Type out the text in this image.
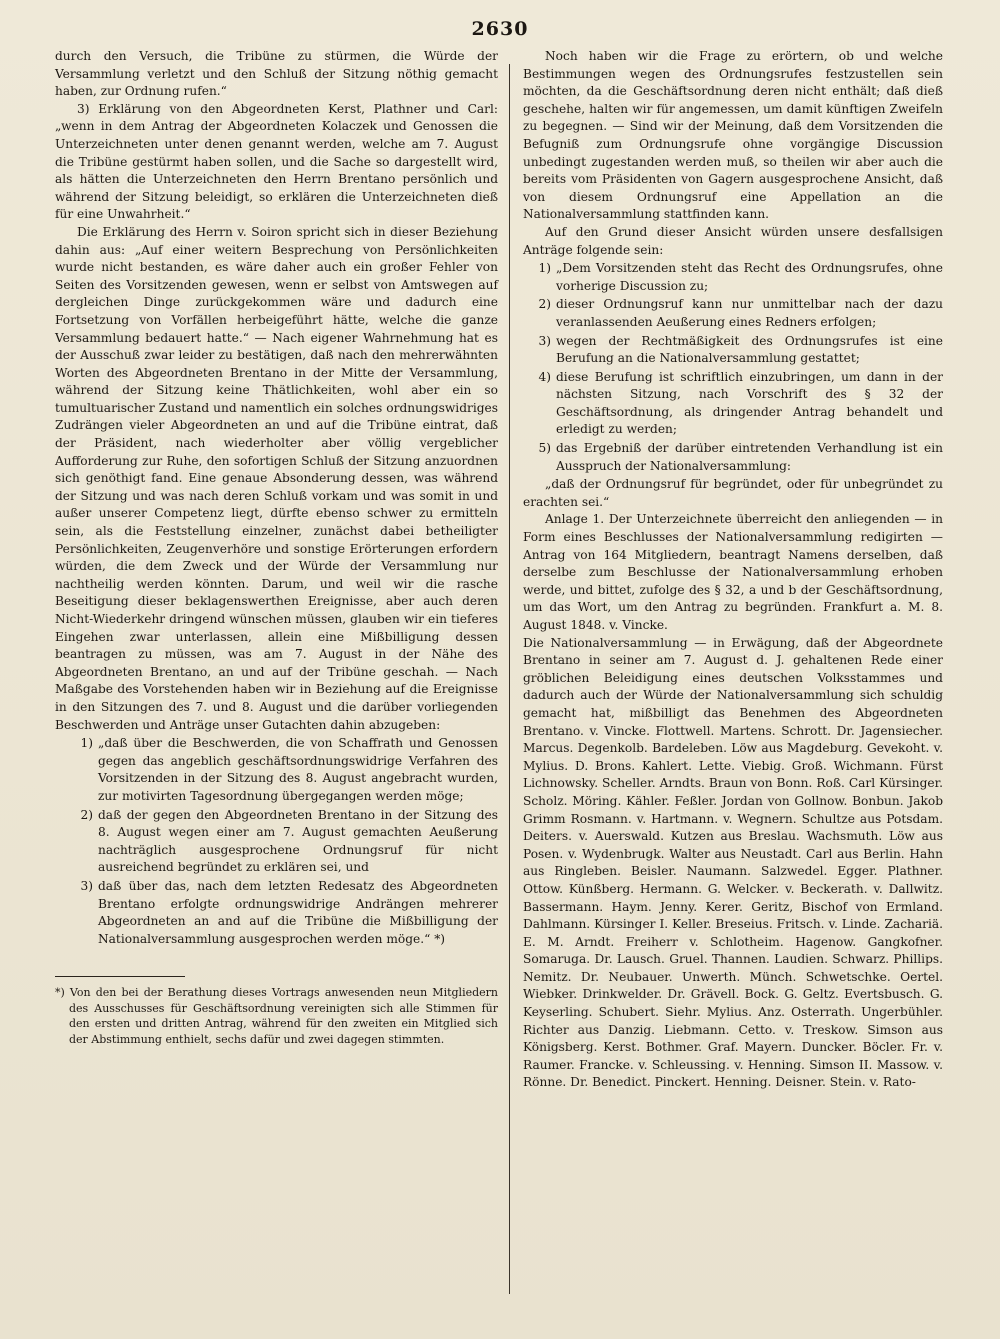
2630

durch den Versuch, die Tribüne zu stürmen, die Würde der Versammlung verletzt und den Schluß der Sitzung nöthig gemacht haben, zur Ordnung rufen.“

3) Erklärung von den Abgeordneten Kerst, Plathner und Carl: „wenn in dem Antrag der Abgeordneten Kolaczek und Genossen die Unterzeichneten unter denen genannt werden, welche am 7. August die Tribüne gestürmt haben sollen, und die Sache so dargestellt wird, als hätten die Unterzeichneten den Herrn Brentano persönlich und während der Sitzung beleidigt, so erklären die Unterzeichneten dieß für eine Unwahrheit.“

Die Erklärung des Herrn v. Soiron spricht sich in dieser Beziehung dahin aus: „Auf einer weitern Besprechung von Persönlichkeiten wurde nicht bestanden, es wäre daher auch ein großer Fehler von Seiten des Vorsitzenden gewesen, wenn er selbst von Amtswegen auf dergleichen Dinge zurückgekommen wäre und dadurch eine Fortsetzung von Vorfällen herbeigeführt hätte, welche die ganze Versammlung bedauert hatte.“ — Nach eigener Wahrnehmung hat es der Ausschuß zwar leider zu bestätigen, daß nach den mehrerwähnten Worten des Abgeordneten Brentano in der Mitte der Versammlung, während der Sitzung keine Thätlichkeiten, wohl aber ein so tumultuarischer Zustand und namentlich ein solches ordnungswidriges Zudrängen vieler Abgeordneten an und auf die Tribüne eintrat, daß der Präsident, nach wiederholter aber völlig vergeblicher Aufforderung zur Ruhe, den sofortigen Schluß der Sitzung anzuordnen sich genöthigt fand. Eine genaue Absonderung dessen, was während der Sitzung und was nach deren Schluß vorkam und was somit in und außer unserer Competenz liegt, dürfte ebenso schwer zu ermitteln sein, als die Feststellung einzelner, zunächst dabei betheiligter Persönlichkeiten, Zeugenverhöre und sonstige Erörterungen erfordern würden, die dem Zweck und der Würde der Versammlung nur nachtheilig werden könnten. Darum, und weil wir die rasche Beseitigung dieser beklagenswerthen Ereignisse, aber auch deren Nicht-Wiederkehr dringend wünschen müssen, glauben wir ein tieferes Eingehen zwar unterlassen, allein eine Mißbilligung dessen beantragen zu müssen, was am 7. August in der Nähe des Abgeordneten Brentano, an und auf der Tribüne geschah. — Nach Maßgabe des Vorstehenden haben wir in Beziehung auf die Ereignisse in den Sitzungen des 7. und 8. August und die darüber vorliegenden Beschwerden und Anträge unser Gutachten dahin abzugeben:

1) „daß über die Beschwerden, die von Schaffrath und Genossen gegen das angeblich geschäftsordnungswidrige Verfahren des Vorsitzenden in der Sitzung des 8. August angebracht wurden, zur motivirten Tagesordnung übergegangen werden möge;
2) daß der gegen den Abgeordneten Brentano in der Sitzung des 8. August wegen einer am 7. August gemachten Aeußerung nachträglich ausgesprochene Ordnungsruf für nicht ausreichend begründet zu erklären sei, und
3) daß über das, nach dem letzten Redesatz des Abgeordneten Brentano erfolgte ordnungswidrige Andrängen mehrerer Abgeordneten an and auf die Tribüne die Mißbilligung der Nationalversammlung ausgesprochen werden möge.“ *)

*) Von den bei der Berathung dieses Vortrags anwesenden neun Mitgliedern des Ausschusses für Geschäftsordnung vereinigten sich alle Stimmen für den ersten und dritten Antrag, während für den zweiten ein Mitglied sich der Abstimmung enthielt, sechs dafür und zwei dagegen stimmten.

Noch haben wir die Frage zu erörtern, ob und welche Bestimmungen wegen des Ordnungsrufes festzustellen sein möchten, da die Geschäftsordnung deren nicht enthält; daß dieß geschehe, halten wir für angemessen, um damit künftigen Zweifeln zu begegnen. — Sind wir der Meinung, daß dem Vorsitzenden die Befugniß zum Ordnungsrufe ohne vorgängige Discussion unbedingt zugestanden werden muß, so theilen wir aber auch die bereits vom Präsidenten von Gagern ausgesprochene Ansicht, daß von diesem Ordnungsruf eine Appellation an die Nationalversammlung stattfinden kann.

Auf den Grund dieser Ansicht würden unsere desfallsigen Anträge folgende sein:

1) „Dem Vorsitzenden steht das Recht des Ordnungsrufes, ohne vorherige Discussion zu;
2) dieser Ordnungsruf kann nur unmittelbar nach der dazu veranlassenden Aeußerung eines Redners erfolgen;
3) wegen der Rechtmäßigkeit des Ordnungsrufes ist eine Berufung an die Nationalversammlung gestattet;
4) diese Berufung ist schriftlich einzubringen, um dann in der nächsten Sitzung, nach Vorschrift des § 32 der Geschäftsordnung, als dringender Antrag behandelt und erledigt zu werden;
5) das Ergebniß der darüber eintretenden Verhandlung ist ein Ausspruch der Nationalversammlung:

„daß der Ordnungsruf für begründet, oder für unbegründet zu erachten sei.“

Anlage 1. Der Unterzeichnete überreicht den anliegenden — in Form eines Beschlusses der Nationalversammlung redigirten — Antrag von 164 Mitgliedern, beantragt Namens derselben, daß derselbe zum Beschlusse der Nationalversammlung erhoben werde, und bittet, zufolge des § 32, a und b der Geschäftsordnung, um das Wort, um den Antrag zu begründen. Frankfurt a. M. 8. August 1848. v. Vincke.

Die Nationalversammlung — in Erwägung, daß der Abgeordnete Brentano in seiner am 7. August d. J. gehaltenen Rede einer gröblichen Beleidigung eines deutschen Volksstammes und dadurch auch der Würde der Nationalversammlung sich schuldig gemacht hat, mißbilligt das Benehmen des Abgeordneten Brentano. v. Vincke. Flottwell. Martens. Schrott. Dr. Jagensiecher. Marcus. Degenkolb. Bardeleben. Löw aus Magdeburg. Gevekoht. v. Mylius. D. Brons. Kahlert. Lette. Viebig. Groß. Wichmann. Fürst Lichnowsky. Scheller. Arndts. Braun von Bonn. Roß. Carl Kürsinger. Scholz. Möring. Kähler. Feßler. Jordan von Gollnow. Bonbun. Jakob Grimm Rosmann. v. Hartmann. v. Wegnern. Schultze aus Potsdam. Deiters. v. Auerswald. Kutzen aus Breslau. Wachsmuth. Löw aus Posen. v. Wydenbrugk. Walter aus Neustadt. Carl aus Berlin. Hahn aus Ringleben. Beisler. Naumann. Salzwedel. Egger. Plathner. Ottow. Künßberg. Hermann. G. Welcker. v. Beckerath. v. Dallwitz. Bassermann. Haym. Jenny. Kerer. Geritz, Bischof von Ermland. Dahlmann. Kürsinger I. Keller. Breseius. Fritsch. v. Linde. Zachariä. E. M. Arndt. Freiherr v. Schlotheim. Hagenow. Gangkofner. Somaruga. Dr. Lausch. Gruel. Thannen. Laudien. Schwarz. Phillips. Nemitz. Dr. Neubauer. Unwerth. Münch. Schwetschke. Oertel. Wiebker. Drinkwelder. Dr. Grävell. Bock. G. Geltz. Evertsbusch. G. Keyserling. Schubert. Siehr. Mylius. Anz. Osterrath. Ungerbühler. Richter aus Danzig. Liebmann. Cetto. v. Treskow. Simson aus Königsberg. Kerst. Bothmer. Graf. Mayern. Duncker. Böcler. Fr. v. Raumer. Francke. v. Schleussing. v. Henning. Simson II. Massow. v. Rönne. Dr. Benedict. Pinckert. Henning. Deisner. Stein. v. Rato-
